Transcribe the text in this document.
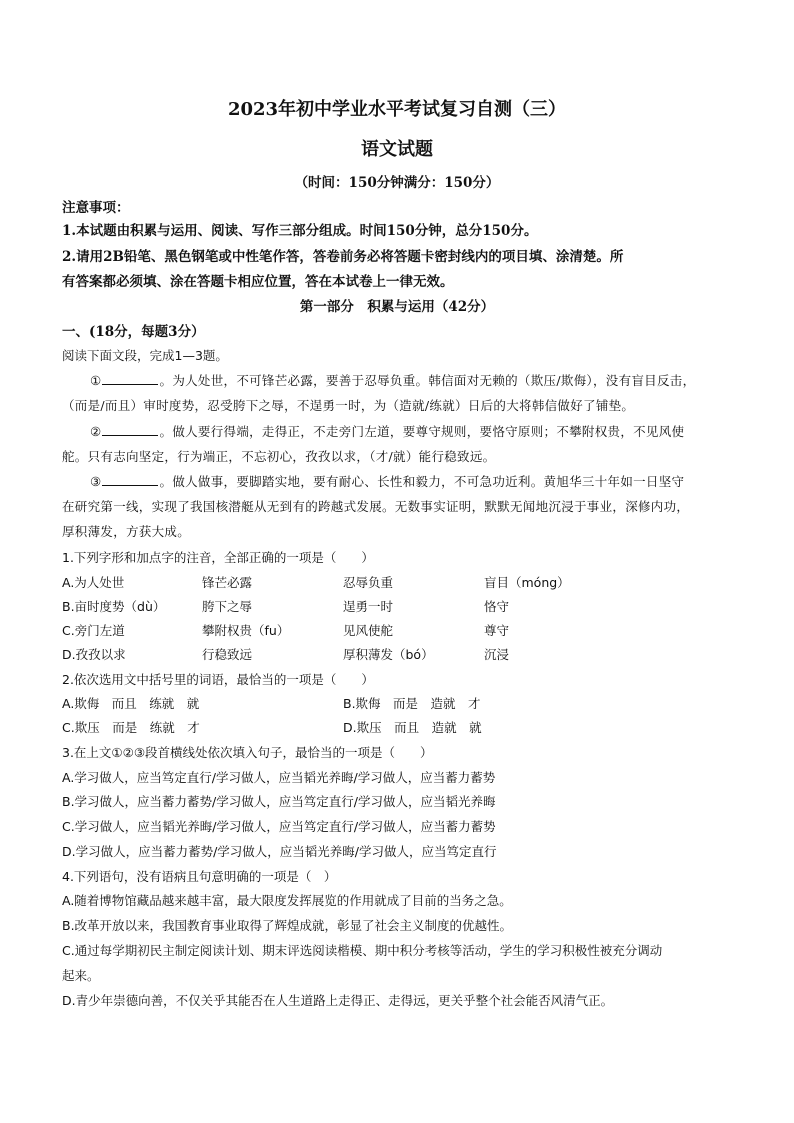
2023年初中学业水平考试复习自测（三）
语文试题
（时间：150分钟满分：150分）
注意事项：
1.本试题由积累与运用、阅读、写作三部分组成。时间150分钟，总分150分。
2.请用2B铅笔、黑色钢笔或中性笔作答，答卷前务必将答题卡密封线内的项目填、涂清楚。所
有答案都必须填、涂在答题卡相应位置，答在本试卷上一律无效。
第一部分　积累与运用（42分）
一、(18分，每题3分）
阅读下面文段，完成1—3题。
①	。为人处世，不可锋芒必露，要善于忍辱负重。韩信面对无赖的（欺压/欺侮），没有盲目反击，
（而是/而且）审时度势，忍受胯下之辱，不逞勇一时，为（造就/练就）日后的大将韩信做好了铺垫。
②	。做人要行得端，走得正，不走旁门左道，要尊守规则，要恪守原则；不攀附权贵，不见风使
舵。只有志向坚定，行为端正，不忘初心，孜孜以求，（才/就）能行稳致远。
③	。做人做事，要脚踏实地，要有耐心、长性和毅力，不可急功近利。黄旭华三十年如一日坚守
在研究第一线，实现了我国核潜艇从无到有的跨越式发展。无数事实证明，默默无闻地沉浸于事业，深修内功，
厚积薄发，方获大成。
1.下列字形和加点字的注音，全部正确的一项是（　　）
A.为人处世	锋芒必露	忍辱负重	盲目（móng）
B.亩时度势（dù）	胯下之辱	逞勇一时	恪守
C.旁门左道	攀附权贵（fu）	见风使舵	尊守
D.孜孜以求	行稳致远	厚积薄发（bó）	沉浸
2.依次选用文中括号里的词语，最恰当的一项是（　　）
A.欺侮　而且　练就　就	B.欺侮　而是　造就　才
C.欺压　而是　练就　才	D.欺压　而且　造就　就
3.在上文①②③段首横线处依次填入句子，最恰当的一项是（　　）
A.学习做人，应当笃定直行/学习做人，应当韬光养晦/学习做人，应当蓄力蓄势
B.学习做人，应当蓄力蓄势/学习做人，应当笃定直行/学习做人，应当韬光养晦
C.学习做人，应当韬光养晦/学习做人，应当笃定直行/学习做人，应当蓄力蓄势
D.学习做人，应当蓄力蓄势/学习做人，应当韬光养晦/学习做人，应当笃定直行
4.下列语句，没有语病且句意明确的一项是（　）
A.随着博物馆藏品越来越丰富，最大限度发挥展览的作用就成了目前的当务之急。
B.改革开放以来，我国教育事业取得了辉煌成就，彰显了社会主义制度的优越性。
C.通过每学期初民主制定阅读计划、期末评选阅读楷模、期中积分考核等活动，学生的学习积极性被充分调动
起来。
D.青少年崇德向善，不仅关乎其能否在人生道路上走得正、走得远，更关乎整个社会能否风清气正。
